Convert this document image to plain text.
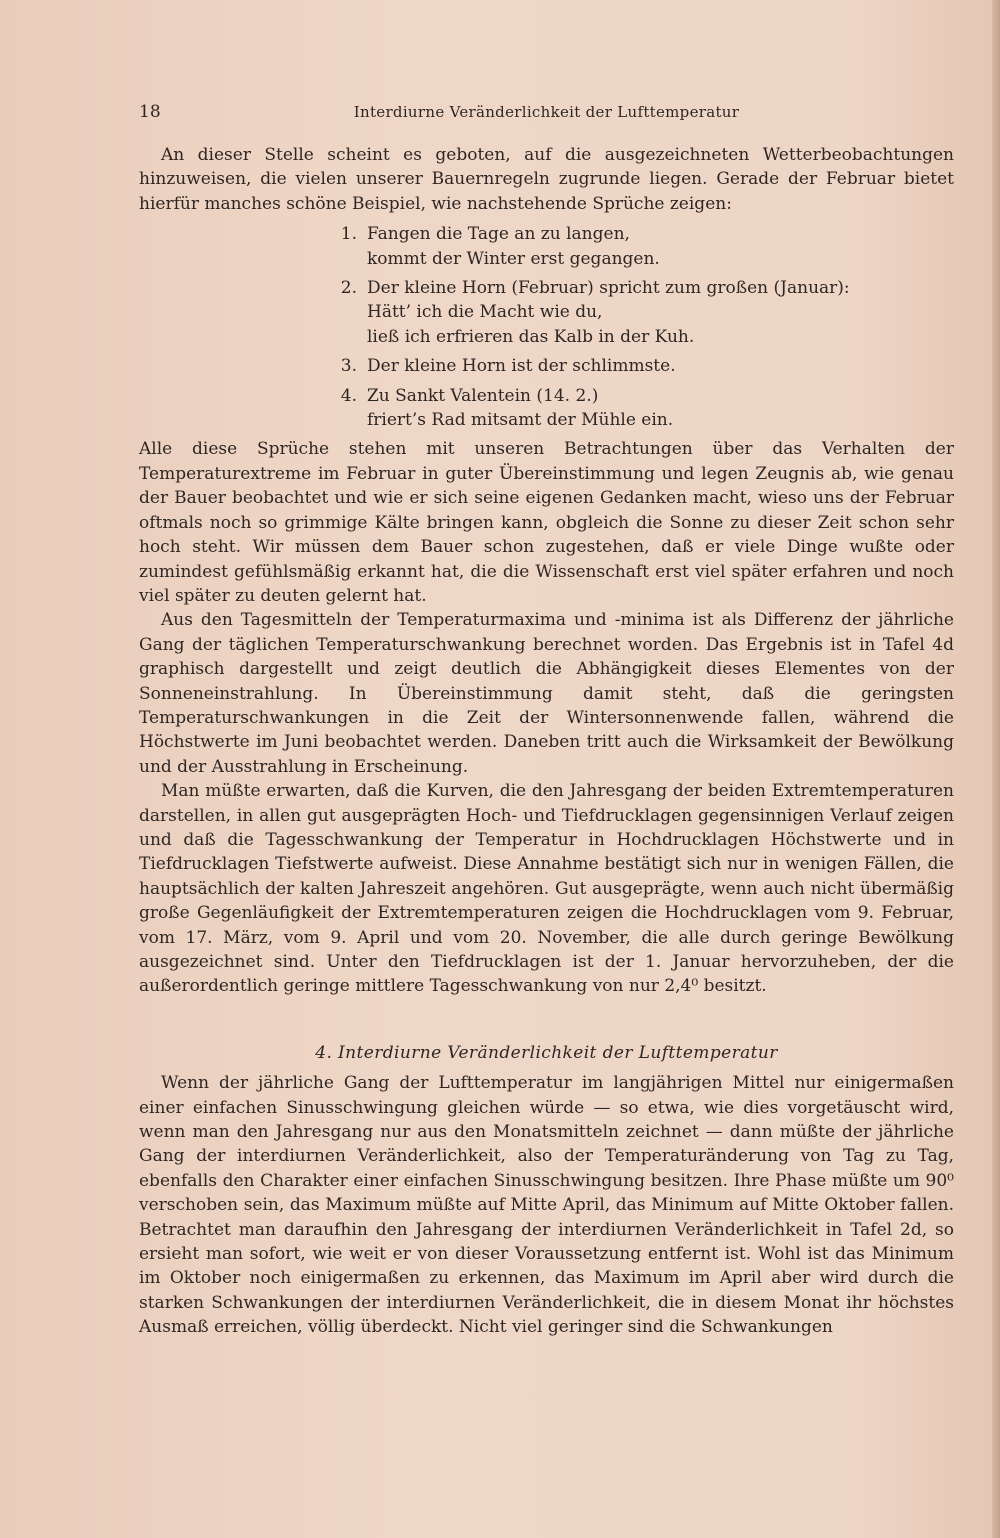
18	Interdiurne Veränderlichkeit der Lufttemperatur

An dieser Stelle scheint es geboten, auf die ausgezeichneten Wetterbeobachtungen hinzuweisen, die vielen unserer Bauernregeln zugrunde liegen. Gerade der Februar bietet hierfür manches schöne Beispiel, wie nachstehende Sprüche zeigen:

1. Fangen die Tage an zu langen,
kommt der Winter erst gegangen.
2. Der kleine Horn (Februar) spricht zum großen (Januar):
Hätt’ ich die Macht wie du,
ließ ich erfrieren das Kalb in der Kuh.
3. Der kleine Horn ist der schlimmste.
4. Zu Sankt Valentein (14. 2.)
friert’s Rad mitsamt der Mühle ein.

Alle diese Sprüche stehen mit unseren Betrachtungen über das Verhalten der Temperaturextreme im Februar in guter Übereinstimmung und legen Zeugnis ab, wie genau der Bauer beobachtet und wie er sich seine eigenen Gedanken macht, wieso uns der Februar oftmals noch so grimmige Kälte bringen kann, obgleich die Sonne zu dieser Zeit schon sehr hoch steht. Wir müssen dem Bauer schon zugestehen, daß er viele Dinge wußte oder zumindest gefühlsmäßig erkannt hat, die die Wissenschaft erst viel später erfahren und noch viel später zu deuten gelernt hat.

Aus den Tagesmitteln der Temperaturmaxima und -minima ist als Differenz der jährliche Gang der täglichen Temperaturschwankung berechnet worden. Das Ergebnis ist in Tafel 4d graphisch dargestellt und zeigt deutlich die Abhängigkeit dieses Elementes von der Sonneneinstrahlung. In Übereinstimmung damit steht, daß die geringsten Temperaturschwankungen in die Zeit der Wintersonnenwende fallen, während die Höchstwerte im Juni beobachtet werden. Daneben tritt auch die Wirksamkeit der Bewölkung und der Ausstrahlung in Erscheinung.

Man müßte erwarten, daß die Kurven, die den Jahresgang der beiden Extremtemperaturen darstellen, in allen gut ausgeprägten Hoch- und Tiefdrucklagen gegensinnigen Verlauf zeigen und daß die Tagesschwankung der Temperatur in Hochdrucklagen Höchstwerte und in Tiefdrucklagen Tiefstwerte aufweist. Diese Annahme bestätigt sich nur in wenigen Fällen, die hauptsächlich der kalten Jahreszeit angehören. Gut ausgeprägte, wenn auch nicht übermäßig große Gegenläufigkeit der Extremtemperaturen zeigen die Hochdrucklagen vom 9. Februar, vom 17. März, vom 9. April und vom 20. November, die alle durch geringe Bewölkung ausgezeichnet sind. Unter den Tiefdrucklagen ist der 1. Januar hervorzuheben, der die außerordentlich geringe mittlere Tagesschwankung von nur 2,4⁰ besitzt.

4. Interdiurne Veränderlichkeit der Lufttemperatur

Wenn der jährliche Gang der Lufttemperatur im langjährigen Mittel nur einigermaßen einer einfachen Sinusschwingung gleichen würde — so etwa, wie dies vorgetäuscht wird, wenn man den Jahresgang nur aus den Monatsmitteln zeichnet — dann müßte der jährliche Gang der interdiurnen Veränderlichkeit, also der Temperaturänderung von Tag zu Tag, ebenfalls den Charakter einer einfachen Sinusschwingung besitzen. Ihre Phase müßte um 90⁰ verschoben sein, das Maximum müßte auf Mitte April, das Minimum auf Mitte Oktober fallen. Betrachtet man daraufhin den Jahresgang der interdiurnen Veränderlichkeit in Tafel 2d, so ersieht man sofort, wie weit er von dieser Voraussetzung entfernt ist. Wohl ist das Minimum im Oktober noch einigermaßen zu erkennen, das Maximum im April aber wird durch die starken Schwankungen der interdiurnen Veränderlichkeit, die in diesem Monat ihr höchstes Ausmaß erreichen, völlig überdeckt. Nicht viel geringer sind die Schwankungen
